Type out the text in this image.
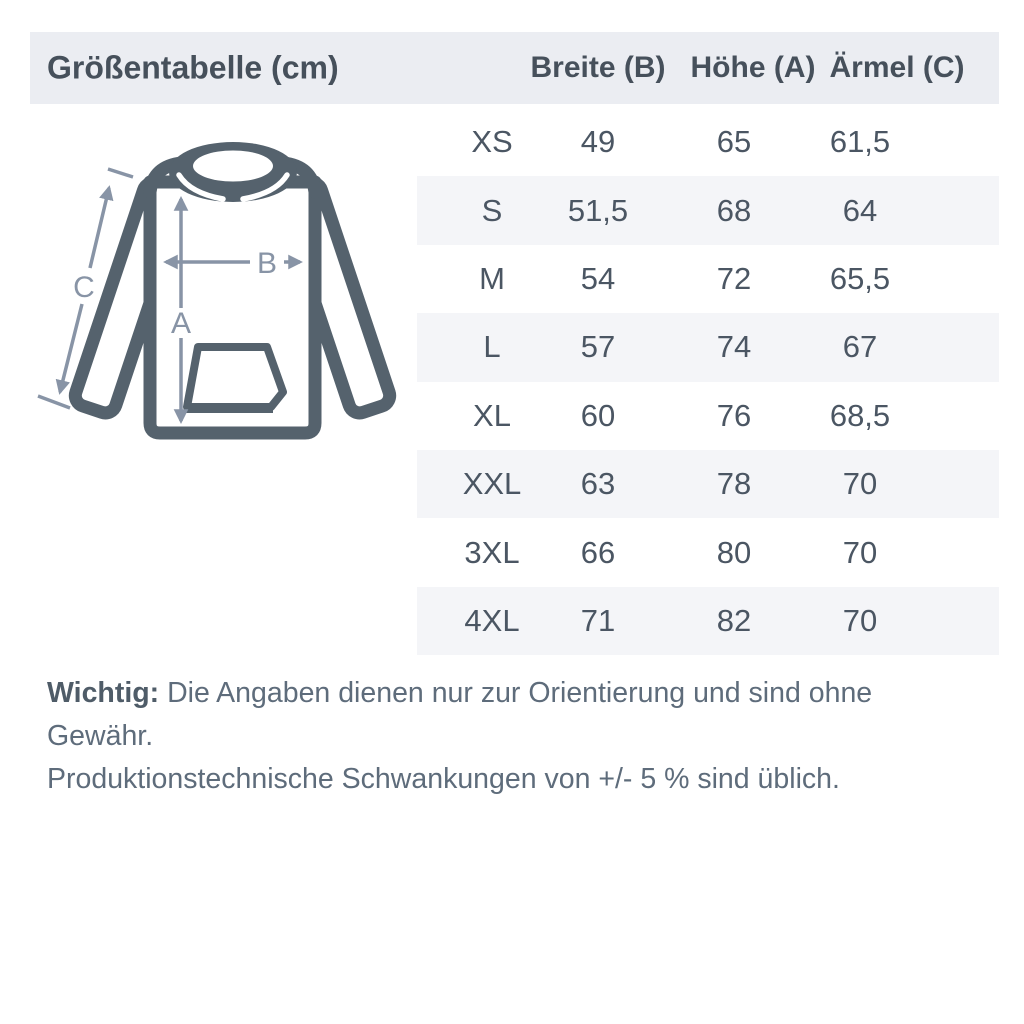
Größentabelle (cm)	Breite (B) Höhe (A) Ärmel (C)
A
B
C
XS 49	65	61,5
S 51,5	68	64
M 54	72	65,5
L	57	74	67
XL 60	76	68,5
XXL 63	78	70
3XL 66	80	70
4XL 71	82	70

Wichtig: Die Angaben dienen nur zur Orientierung und sind ohne Gewähr.

Produktionstechnische Schwankungen von +/- 5 % sind üblich.
